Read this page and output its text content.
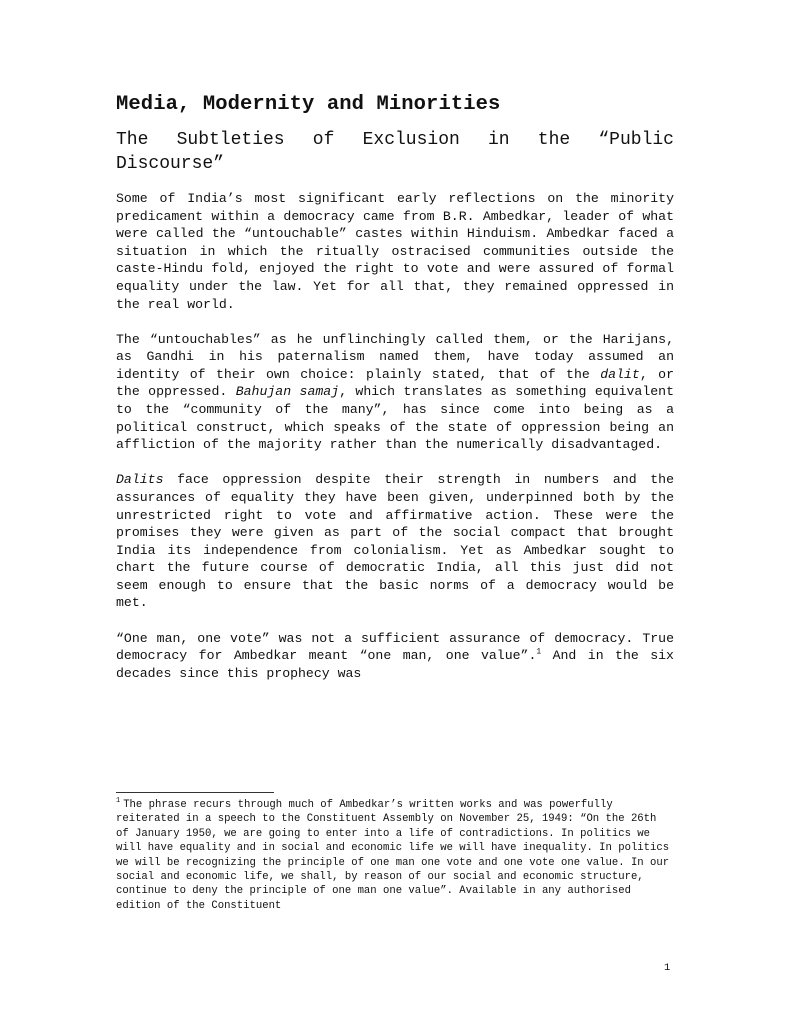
Media, Modernity and Minorities
The Subtleties of Exclusion in the “Public Discourse”

Some of India’s most significant early reflections on the minority predicament within a democracy came from B.R. Ambedkar, leader of what were called the “untouchable” castes within Hinduism. Ambedkar faced a situation in which the ritually ostracised communities outside the caste-Hindu fold, enjoyed the right to vote and were assured of formal equality under the law. Yet for all that, they remained oppressed in the real world.

The “untouchables” as he unflinchingly called them, or the Harijans, as Gandhi in his paternalism named them, have today assumed an identity of their own choice: plainly stated, that of the dalit, or the oppressed. Bahujan samaj, which translates as something equivalent to the “community of the many”, has since come into being as a political construct, which speaks of the state of oppression being an affliction of the majority rather than the numerically disadvantaged.

Dalits face oppression despite their strength in numbers and the assurances of equality they have been given, underpinned both by the unrestricted right to vote and affirmative action. These were the promises they were given as part of the social compact that brought India its independence from colonialism. Yet as Ambedkar sought to chart the future course of democratic India, all this just did not seem enough to ensure that the basic norms of a democracy would be met.

“One man, one vote” was not a sufficient assurance of democracy. True democracy for Ambedkar meant “one man, one value”.$^1$ And in the six decades since this prophecy was

$^1$ The phrase recurs through much of Ambedkar’s written works and was powerfully reiterated in a speech to the Constituent Assembly on November 25, 1949: “On the 26th of January 1950, we are going to enter into a life of contradictions. In politics we will have equality and in social and economic life we will have inequality. In politics we will be recognizing the principle of one man one vote and one vote one value. In our social and economic life, we shall, by reason of our social and economic structure, continue to deny the principle of one man one value”. Available in any authorised edition of the Constituent

1
